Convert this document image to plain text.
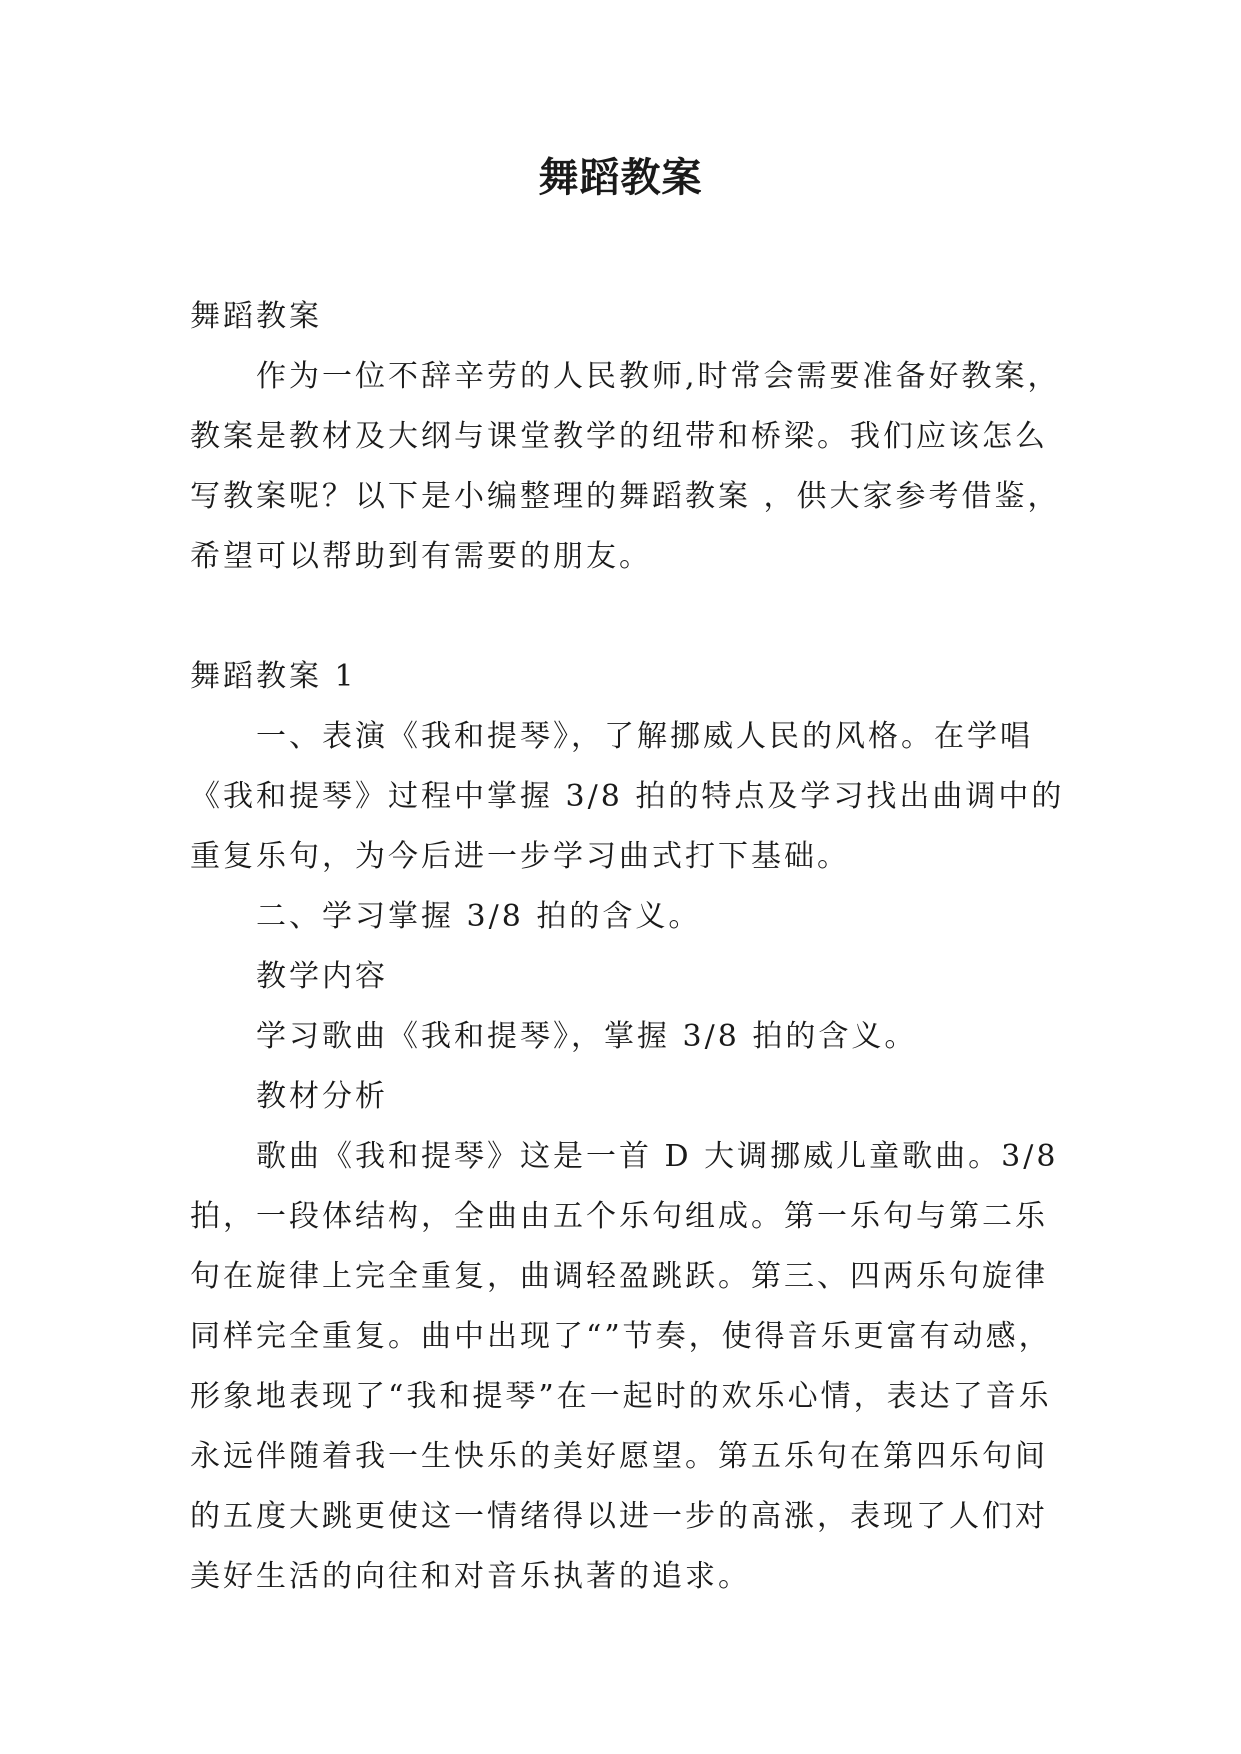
舞蹈教案

舞蹈教案

作为一位不辞辛劳的人民教师,时常会需要准备好教案，教案是教材及大纲与课堂教学的纽带和桥梁。我们应该怎么写教案呢？以下是小编整理的舞蹈教案 ，供大家参考借鉴，希望可以帮助到有需要的朋友。

舞蹈教案 1

一、表演《我和提琴》，了解挪威人民的风格。在学唱《我和提琴》过程中掌握 3/8 拍的特点及学习找出曲调中的重复乐句，为今后进一步学习曲式打下基础。

二、学习掌握 3/8 拍的含义。

教学内容

学习歌曲《我和提琴》，掌握 3/8 拍的含义。

教材分析

歌曲《我和提琴》这是一首 D 大调挪威儿童歌曲。3/8 拍，一段体结构，全曲由五个乐句组成。第一乐句与第二乐句在旋律上完全重复，曲调轻盈跳跃。第三、四两乐句旋律同样完全重复。曲中出现了“”节奏，使得音乐更富有动感，形象地表现了“我和提琴”在一起时的欢乐心情，表达了音乐永远伴随着我一生快乐的美好愿望。第五乐句在第四乐句间的五度大跳更使这一情绪得以进一步的高涨，表现了人们对美好生活的向往和对音乐执著的追求。
